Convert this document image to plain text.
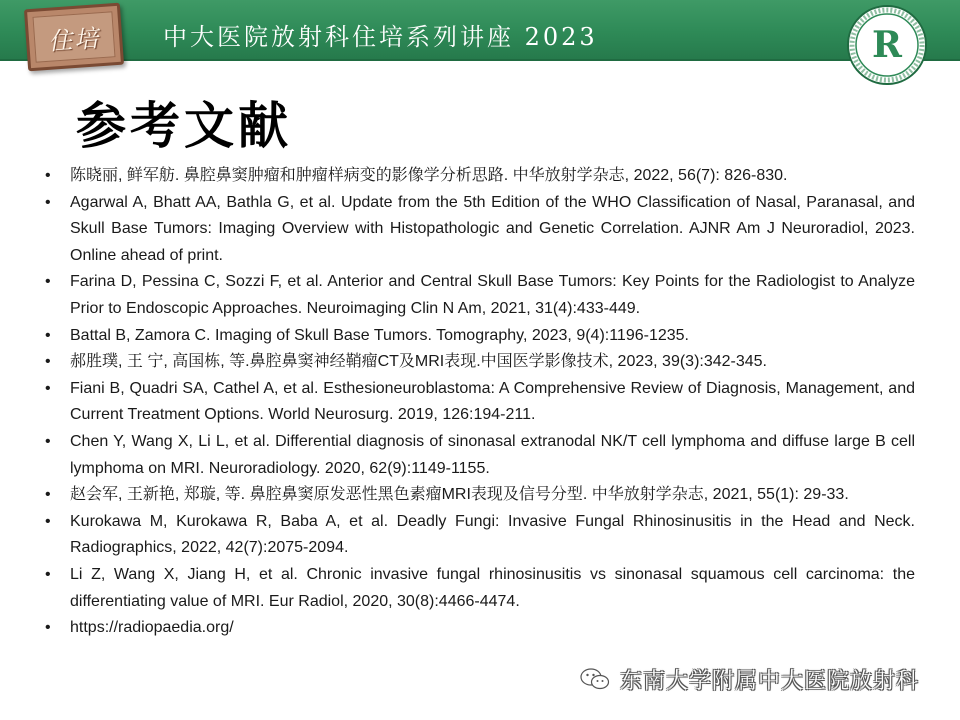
住培	中大医院放射科住培系列讲座 2023	R
参考文献
•	陈晓丽, 鲜军舫. 鼻腔鼻窦肿瘤和肿瘤样病变的影像学分析思路. 中华放射学杂志, 2022, 56(7): 826-830.
•	Agarwal A, Bhatt AA, Bathla G, et al. Update from the 5th Edition of the WHO Classification of Nasal, Paranasal, and Skull Base Tumors: Imaging Overview with Histopathologic and Genetic Correlation. AJNR Am J Neuroradiol, 2023. Online ahead of print.
•	Farina D, Pessina C, Sozzi F, et al. Anterior and Central Skull Base Tumors: Key Points for the Radiologist to Analyze Prior to Endoscopic Approaches. Neuroimaging Clin N Am, 2021, 31(4):433-449.
•	Battal B, Zamora C. Imaging of Skull Base Tumors. Tomography, 2023, 9(4):1196-1235.
•	郝胜璞, 王 宁, 高国栋, 等.鼻腔鼻窦神经鞘瘤CT及MRI表现.中国医学影像技术, 2023, 39(3):342-345.
•	Fiani B, Quadri SA, Cathel A, et al. Esthesioneuroblastoma: A Comprehensive Review of Diagnosis, Management, and Current Treatment Options. World Neurosurg. 2019, 126:194-211.
•	Chen Y, Wang X, Li L, et al. Differential diagnosis of sinonasal extranodal NK/T cell lymphoma and diffuse large B cell lymphoma on MRI. Neuroradiology. 2020, 62(9):1149-1155.
•	赵会军, 王新艳, 郑璇, 等. 鼻腔鼻窦原发恶性黑色素瘤MRI表现及信号分型. 中华放射学杂志, 2021, 55(1): 29-33.
•	Kurokawa M, Kurokawa R, Baba A, et al. Deadly Fungi: Invasive Fungal Rhinosinusitis in the Head and Neck. Radiographics, 2022, 42(7):2075-2094.
•	Li Z, Wang X, Jiang H, et al. Chronic invasive fungal rhinosinusitis vs sinonasal squamous cell carcinoma: the differentiating value of MRI. Eur Radiol, 2020, 30(8):4466-4474.
•	https://radiopaedia.org/
东南大学附属中大医院放射科
